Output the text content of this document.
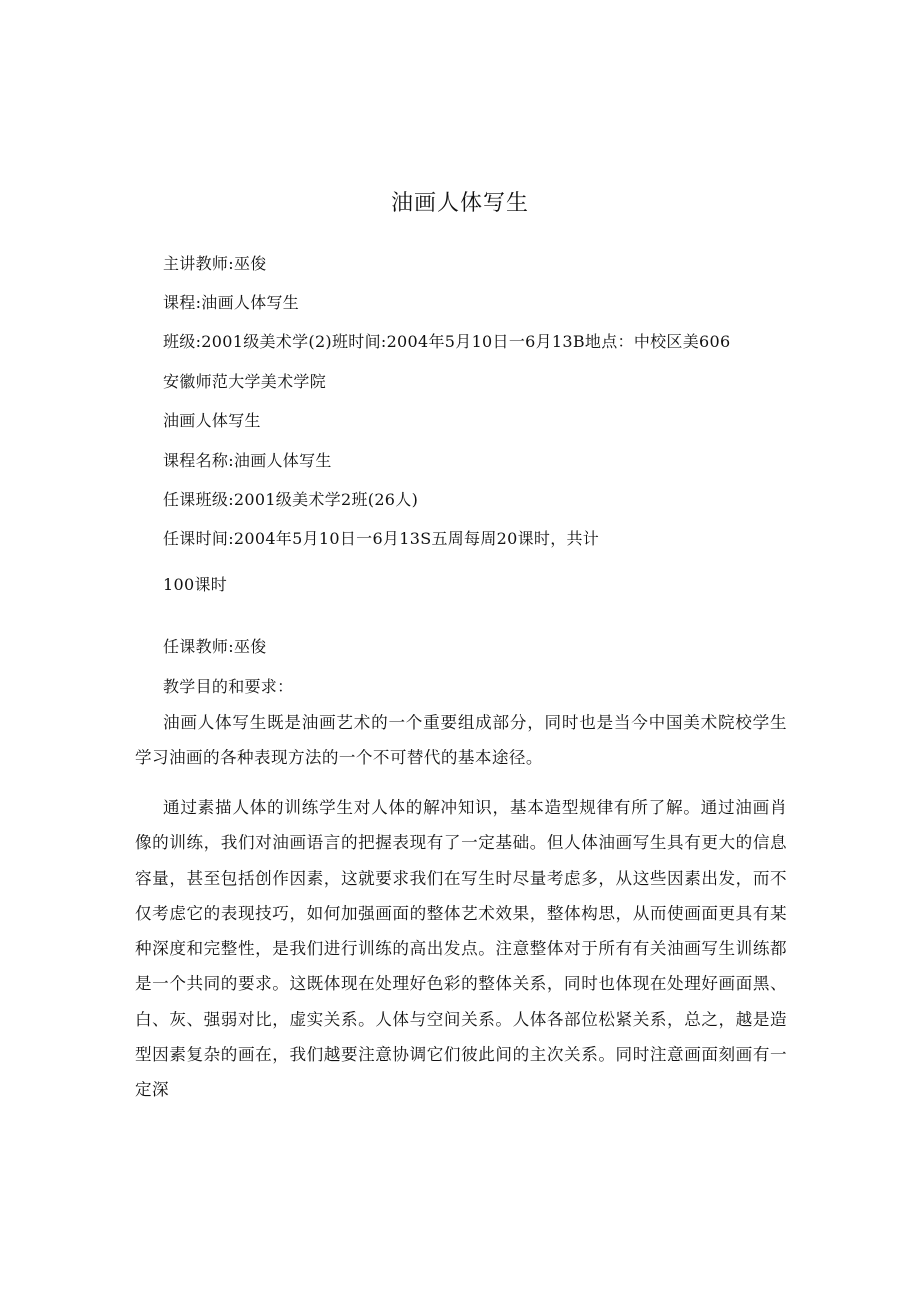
油画人体写生
主讲教师:巫俊
课程:油画人体写生
班级:2001级美术学(2)班时间:2004年5月10日一6月13B地点：中校区美606
安徽师范大学美术学院
油画人体写生
课程名称:油画人体写生
任课班级:2001级美术学2班(26人)
任课时间:2004年5月10日一6月13S五周每周20课时，共计
100课时
任课教师:巫俊
教学目的和要求：
油画人体写生既是油画艺术的一个重要组成部分，同时也是当今中国美术院校学生学习油画的各种表现方法的一个不可替代的基本途径。
通过素描人体的训练学生对人体的解冲知识，基本造型规律有所了解。通过油画肖像的训练，我们对油画语言的把握表现有了一定基础。但人体油画写生具有更大的信息容量，甚至包括创作因素，这就要求我们在写生时尽量考虑多，从这些因素出发，而不仅考虑它的表现技巧，如何加强画面的整体艺术效果，整体构思，从而使画面更具有某种深度和完整性，是我们进行训练的高出发点。注意整体对于所有有关油画写生训练都是一个共同的要求。这既体现在处理好色彩的整体关系，同时也体现在处理好画面黑、白、灰、强弱对比，虚实关系。人体与空间关系。人体各部位松紧关系，总之，越是造型因素复杂的画在，我们越要注意协调它们彼此间的主次关系。同时注意画面刻画有一定深
